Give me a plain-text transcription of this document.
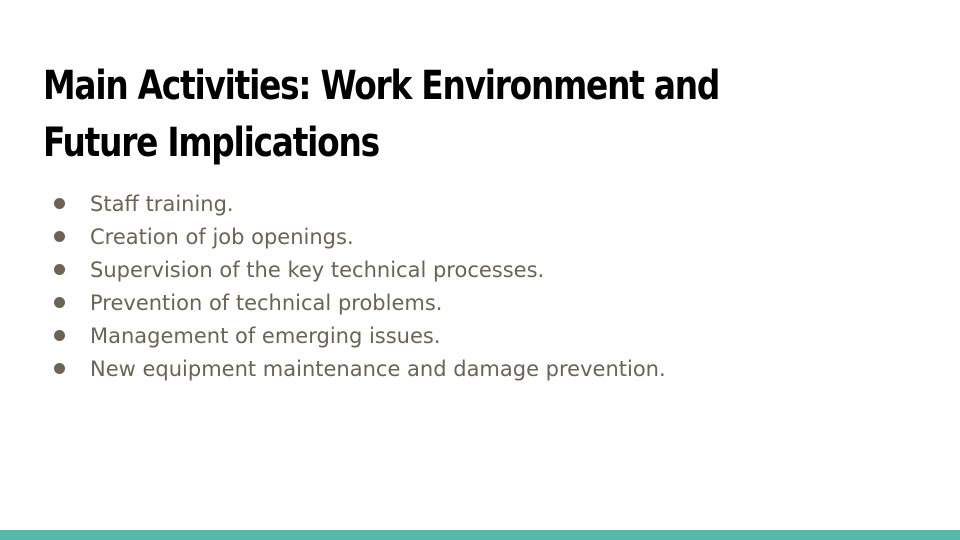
Main Activities: Work Environment and Future Implications
Staff training.
Creation of job openings.
Supervision of the key technical processes.
Prevention of technical problems.
Management of emerging issues.
New equipment maintenance and damage prevention.
